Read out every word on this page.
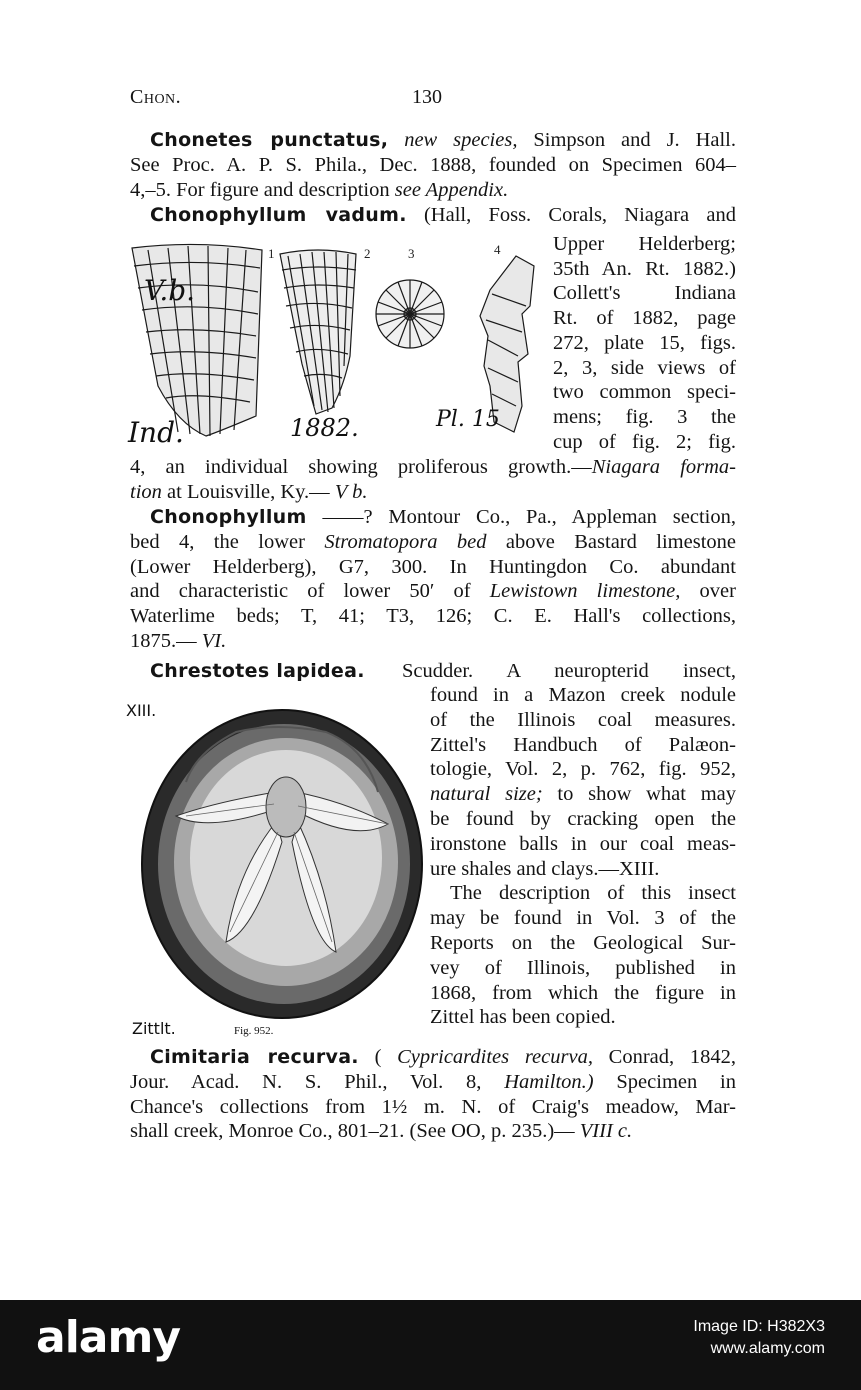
Chon.	130
Chonetes punctatus, new species, Simpson and J. Hall.
See Proc. A. P. S. Phila., Dec. 1888, founded on Specimen 604–
4,–5. For figure and description see Appendix.
Chonophyllum vadum. (Hall, Foss. Corals, Niagara and
1	2	3	4
V.b.
Ind.	1882.	Pl. 15
Upper Helderberg;
35th An. Rt. 1882.)
Collett's Indiana
Rt. of 1882, page
272, plate 15, figs.
2, 3, side views of
two common speci-
mens; fig. 3 the
cup of fig. 2; fig.
4, an individual showing proliferous growth.—Niagara forma-
tion at Louisville, Ky.— V b.
Chonophyllum ——? Montour Co., Pa., Appleman section,
bed 4, the lower Stromatopora bed above Bastard limestone
(Lower Helderberg), G7, 300. In Huntingdon Co. abundant
and characteristic of lower 50′ of Lewistown limestone, over
Waterlime beds; T, 41; T3, 126; C. E. Hall's collections,
1875.— VI.
Chrestotes lapidea. Scudder. A neuropterid insect,
XIII.
Zittlt.	Fig. 952.
found in a Mazon creek nodule
of the Illinois coal measures.
Zittel's Handbuch of Palæon-
tologie, Vol. 2, p. 762, fig. 952,
natural size; to show what may
be found by cracking open the
ironstone balls in our coal meas-
ure shales and clays.—XIII.
The description of this insect
may be found in Vol. 3 of the
Reports on the Geological Sur-
vey of Illinois, published in
1868, from which the figure in
Zittel has been copied.
Cimitaria recurva. ( Cypricardites recurva, Conrad, 1842,
Jour. Acad. N. S. Phil., Vol. 8, Hamilton.) Specimen in
Chance's collections from 1½ m. N. of Craig's meadow, Mar-
shall creek, Monroe Co., 801–21. (See OO, p. 235.)— VIII c.
alamy	Image ID: H382X3
www.alamy.com
